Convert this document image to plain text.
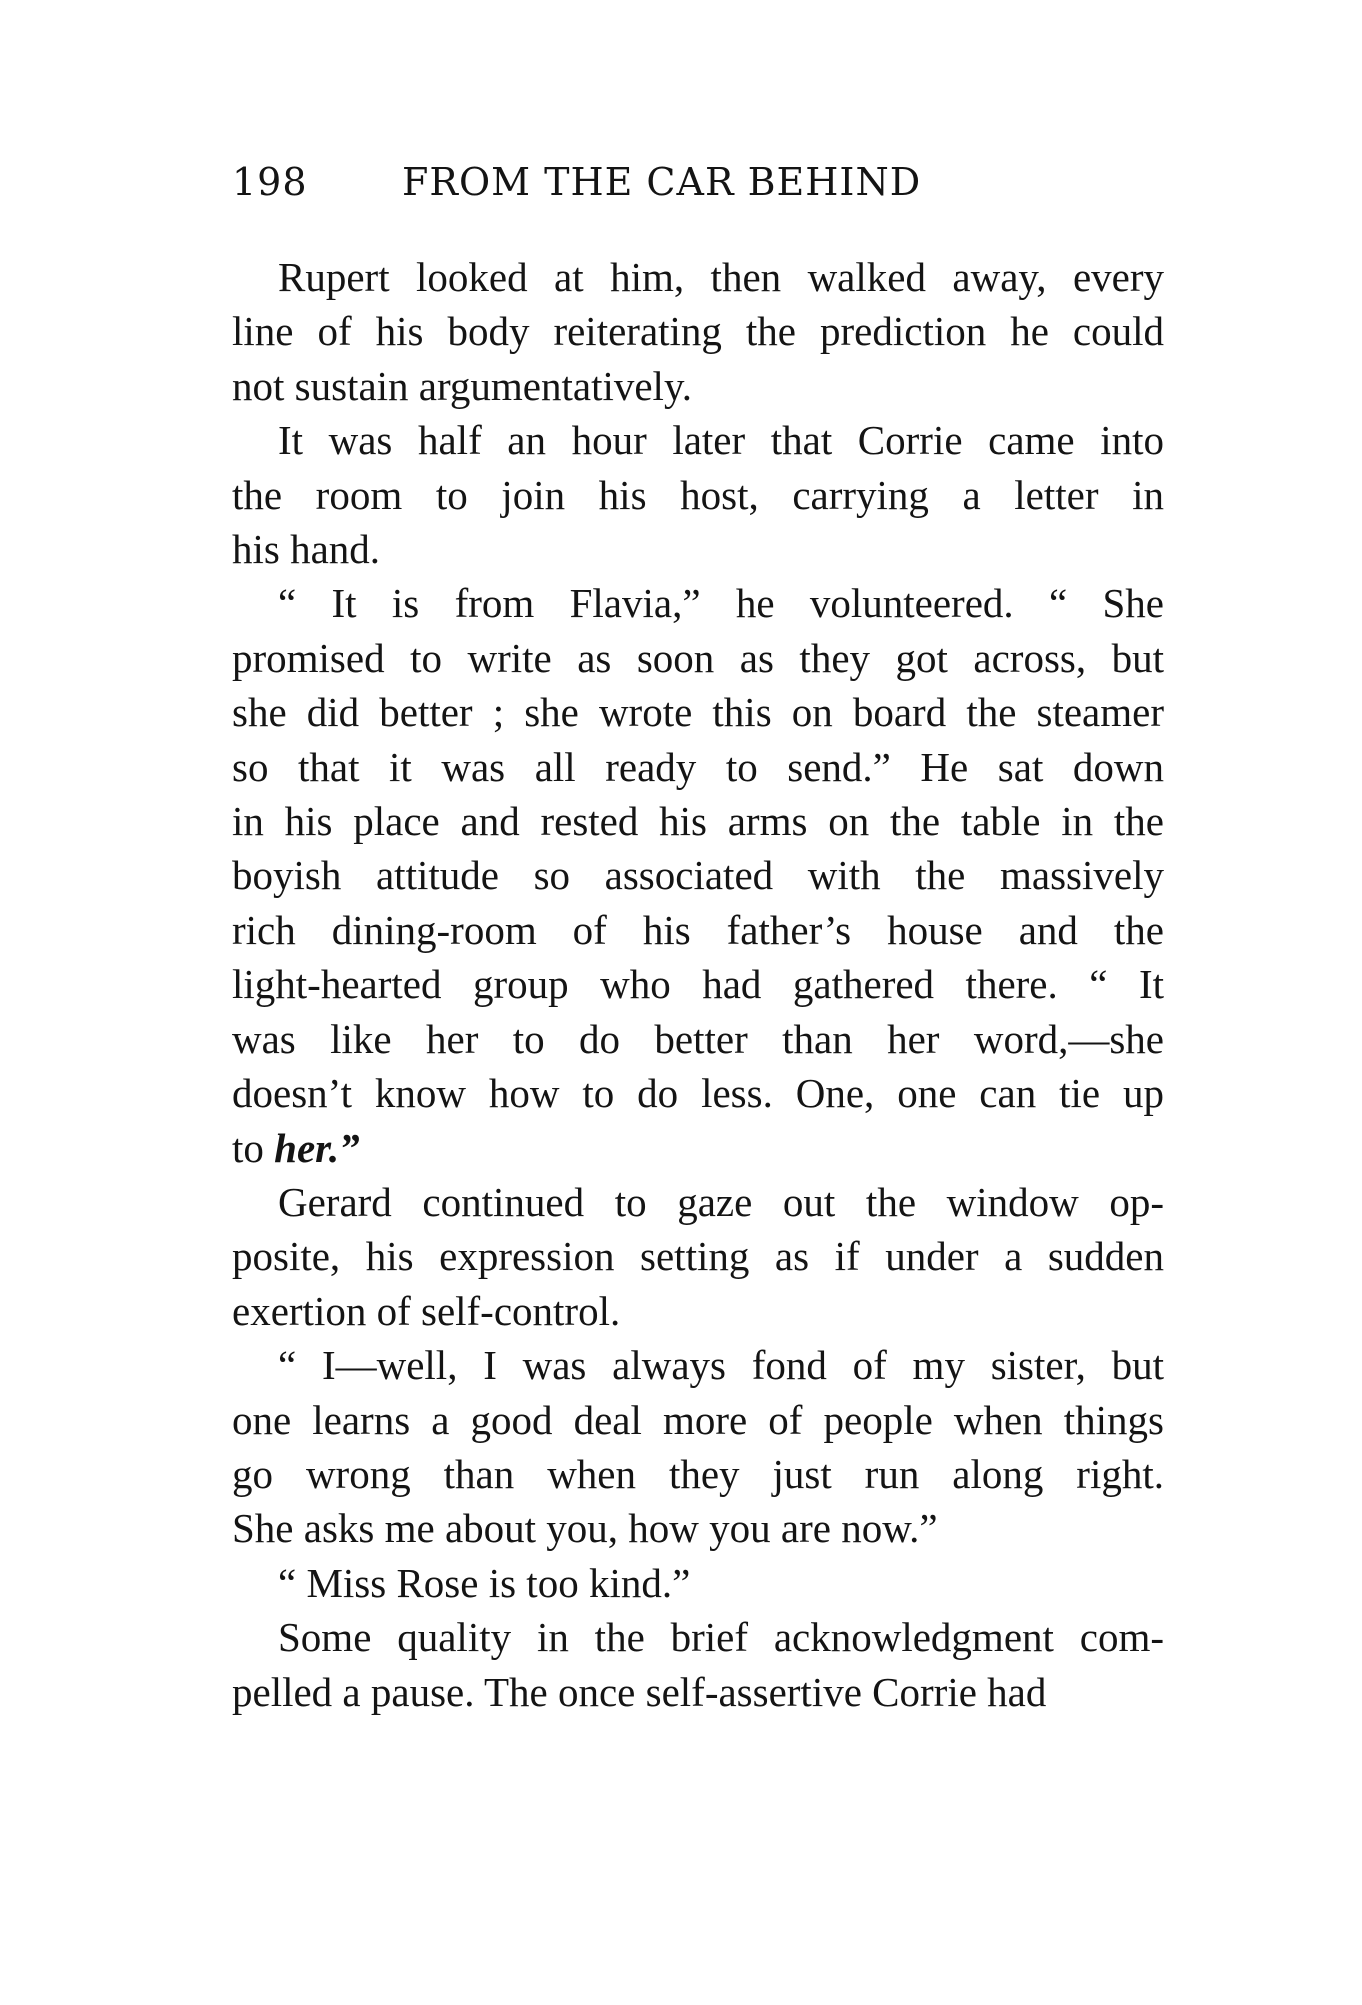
198 FROM THE CAR BEHIND
Rupert looked at him, then walked away, every
line of his body reiterating the prediction he could
not sustain argumentatively.
It was half an hour later that Corrie came into
the room to join his host, carrying a letter in
his hand.
“ It is from Flavia,” he volunteered. “ She
promised to write as soon as they got across, but
she did better ; she wrote this on board the steamer
so that it was all ready to send.” He sat down
in his place and rested his arms on the table in the
boyish attitude so associated with the massively
rich dining-room of his father’s house and the
light-hearted group who had gathered there. “ It
was like her to do better than her word,—she
doesn’t know how to do less. One, one can tie up
to her.”
Gerard continued to gaze out the window op-
posite, his expression setting as if under a sudden
exertion of self-control.
“ I—well, I was always fond of my sister, but
one learns a good deal more of people when things
go wrong than when they just run along right.
She asks me about you, how you are now.”
“ Miss Rose is too kind.”
Some quality in the brief acknowledgment com-
pelled a pause. The once self-assertive Corrie had
